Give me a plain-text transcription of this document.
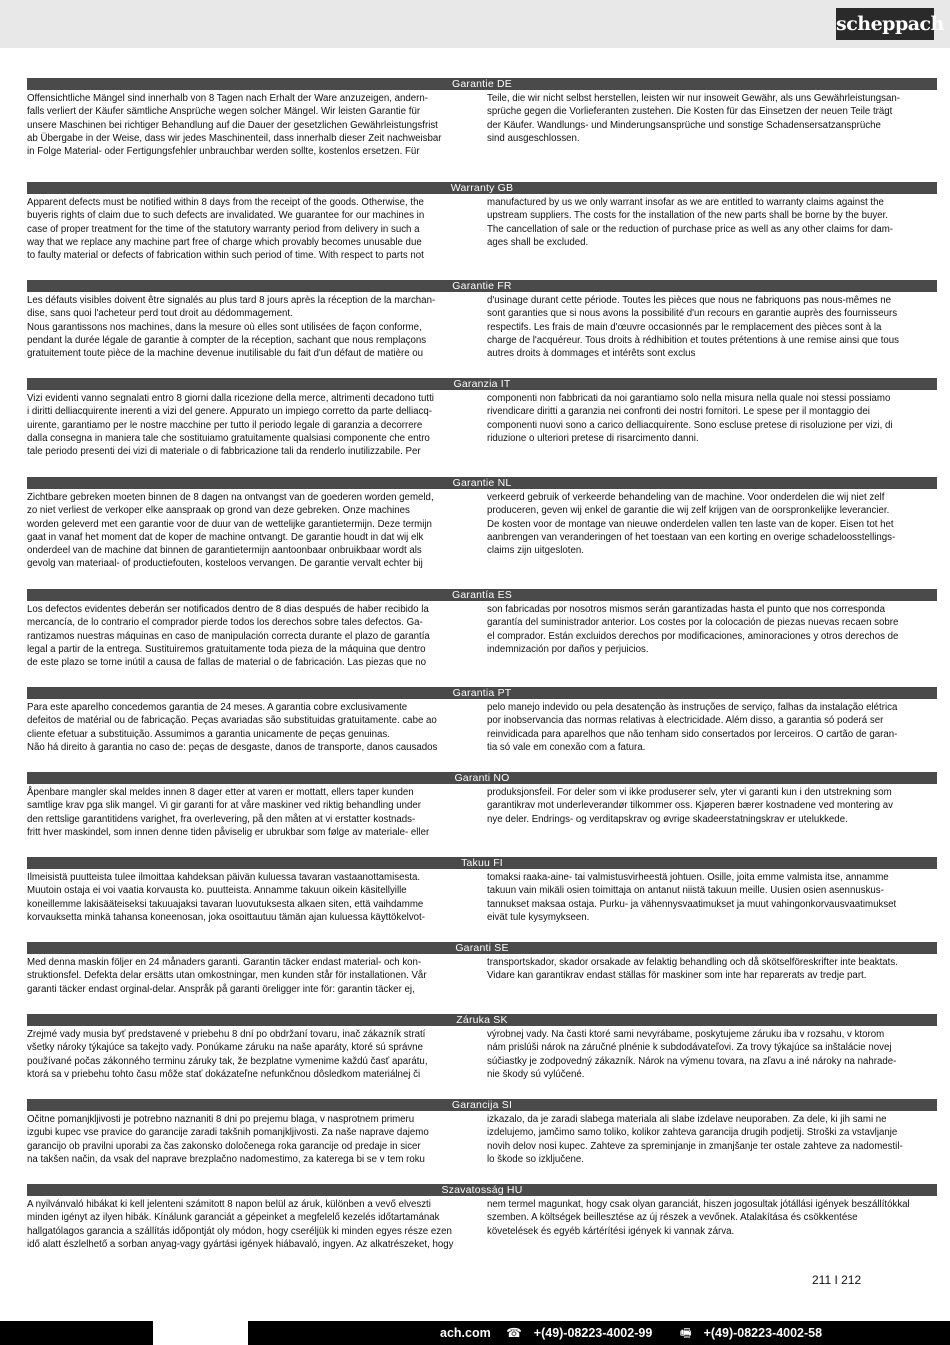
scheppach
Garantie DE
Offensichtliche Mängel sind innerhalb von 8 Tagen nach Erhalt der Ware anzuzeigen, andern-
falls verliert der Käufer sämtliche Ansprüche wegen solcher Mängel. Wir leisten Garantie für
unsere Maschinen bei richtiger Behandlung auf die Dauer der gesetzlichen Gewährleistungsfrist
ab Übergabe in der Weise, dass wir jedes Maschinenteil, dass innerhalb dieser Zeit nachweisbar
in Folge Material- oder Fertigungsfehler unbrauchbar werden sollte, kostenlos ersetzen. Für
Teile, die wir nicht selbst herstellen, leisten wir nur insoweit Gewähr, als uns Gewährleistungsan-
sprüche gegen die Vorlieferanten zustehen. Die Kosten für das Einsetzen der neuen Teile trägt
der Käufer. Wandlungs- und Minderungsansprüche und sonstige Schadensersatzansprüche
sind ausgeschlossen.
Warranty GB
Apparent defects must be notified within 8 days from the receipt of the goods. Otherwise, the
buyeris rights of claim due to such defects are invalidated. We guarantee for our machines in
case of proper treatment for the time of the statutory warranty period from delivery in such a
way that we replace any machine part free of charge which provably becomes unusable due
to faulty material or defects of fabrication within such period of time. With respect to parts not
manufactured by us we only warrant insofar as we are entitled to warranty claims against the
upstream suppliers. The costs for the installation of the new parts shall be borne by the buyer.
The cancellation of sale or the reduction of purchase price as well as any other claims for dam-
ages shall be excluded.
Garantie FR
Les défauts visibles doivent être signalés au plus tard 8 jours après la réception de la marchan-
dise, sans quoi l'acheteur perd tout droit au dédommagement.
Nous garantissons nos machines, dans la mesure où elles sont utilisées de façon conforme,
pendant la durée légale de garantie à compter de la réception, sachant que nous remplaçons
gratuitement toute pièce de la machine devenue inutilisable du fait d'un défaut de matière ou
d'usinage durant cette période. Toutes les pièces que nous ne fabriquons pas nous-mêmes ne
sont garanties que si nous avons la possibilité d'un recours en garantie auprès des fournisseurs
respectifs. Les frais de main d'œuvre occasionnés par le remplacement des pièces sont à la
charge de l'acquéreur. Tous droits à rédhibition et toutes prétentions à une remise ainsi que tous
autres droits à dommages et intérêts sont exclus
Garanzia IT
Vizi evidenti vanno segnalati entro 8 giorni dalla ricezione della merce, altrimenti decadono tutti
i diritti delliacquirente inerenti a vizi del genere. Appurato un impiego corretto da parte delliacq-
uirente, garantiamo per le nostre macchine per tutto il periodo legale di garanzia a decorrere
dalla consegna in maniera tale che sostituiamo gratuitamente qualsiasi componente che entro
tale periodo presenti dei vizi di materiale o di fabbricazione tali da renderlo inutilizzabile. Per
componenti non fabbricati da noi garantiamo solo nella misura nella quale noi stessi possiamo
rivendicare diritti a garanzia nei confronti dei nostri fornitori. Le spese per il montaggio dei
componenti nuovi sono a carico delliacquirente. Sono escluse pretese di risoluzione per vizi, di
riduzione o ulteriori pretese di risarcimento danni.
Garantie NL
Zichtbare gebreken moeten binnen de 8 dagen na ontvangst van de goederen worden gemeld,
zo niet verliest de verkoper elke aanspraak op grond van deze gebreken. Onze machines
worden geleverd met een garantie voor de duur van de wettelijke garantietermijn. Deze termijn
gaat in vanaf het moment dat de koper de machine ontvangt. De garantie houdt in dat wij elk
onderdeel van de machine dat binnen de garantietermijn aantoonbaar onbruikbaar wordt als
gevolg van materiaal- of productiefouten, kosteloos vervangen. De garantie vervalt echter bij
verkeerd gebruik of verkeerde behandeling van de machine. Voor onderdelen die wij niet zelf
produceren, geven wij enkel de garantie die wij zelf krijgen van de oorspronkelijke leverancier.
De kosten voor de montage van nieuwe onderdelen vallen ten laste van de koper. Eisen tot het
aanbrengen van veranderingen of het toestaan van een korting en overige schadeloosstellings-
claims zijn uitgesloten.
Garantía ES
Los defectos evidentes deberán ser notificados dentro de 8 dias después de haber recibido la
mercancía, de lo contrario el comprador pierde todos los derechos sobre tales defectos. Ga-
rantizamos nuestras máquinas en caso de manipulación correcta durante el plazo de garantía
legal a partir de la entrega. Sustituiremos gratuitamente toda pieza de la máquina que dentro
de este plazo se torne inútil a causa de fallas de material o de fabricación. Las piezas que no
son fabricadas por nosotros mismos serán garantizadas hasta el punto que nos corresponda
garantía del suministrador anterior. Los costes por la colocación de piezas nuevas recaen sobre
el comprador. Están excluidos derechos por modificaciones, aminoraciones y otros derechos de
indemnización por daños y perjuicios.
Garantia PT
Para este aparelho concedemos garantia de 24 meses. A garantia cobre exclusivamente
defeitos de matérial ou de fabricação. Peças avariadas são substituidas gratuitamente. cabe ao
cliente efetuar a substituição. Assumimos a garantia unicamente de peças genuinas.
Não há direito à garantia no caso de: peças de desgaste, danos de transporte, danos causados
pelo manejo indevido ou pela desatenção às instruções de serviço, falhas da instalação elétrica
por inobservancia das normas relativas à electricidade. Além disso, a garantia só poderá ser
reinvidicada para aparelhos que não tenham sido consertados por lerceiros. O cartão de garan-
tia só vale em conexão com a fatura.
Garanti NO
Åpenbare mangler skal meldes innen 8 dager etter at varen er mottatt, ellers taper kunden
samtlige krav pga slik mangel. Vi gir garanti for at våre maskiner ved riktig behandling under
den rettslige garantitidens varighet, fra overlevering, på den måten at vi erstatter kostnads-
fritt hver maskindel, som innen denne tiden påviselig er ubrukbar som følge av materiale- eller
produksjonsfeil. For deler som vi ikke produserer selv, yter vi garanti kun i den utstrekning som
garantikrav mot underleverandør tilkommer oss. Kjøperen bærer kostnadene ved montering av
nye deler. Endrings- og verditapskrav og øvrige skadeerstatningskrav er utelukkede.
Takuu FI
Ilmeisistä puutteista tulee ilmoittaa kahdeksan päivän kuluessa tavaran vastaanottamisesta.
Muutoin ostaja ei voi vaatia korvausta ko. puutteista. Annamme takuun oikein käsitellyille
koneillemme lakisääteiseksi takuuajaksi tavaran luovutuksesta alkaen siten, että vaihdamme
korvauksetta minkä tahansa koneenosan, joka osoittautuu tämän ajan kuluessa käyttökelvot-
tomaksi raaka-aine- tai valmistusvirheestä johtuen. Osille, joita emme valmista itse, annamme
takuun vain mikäli osien toimittaja on antanut niistä takuun meille. Uusien osien asennuskus-
tannukset maksaa ostaja. Purku- ja vähennysvaatimukset ja muut vahingonkorvausvaatimukset
eivät tule kysymykseen.
Garanti SE
Med denna maskin följer en 24 månaders garanti. Garantin täcker endast material- och kon-
struktionsfel. Defekta delar ersätts utan omkostningar, men kunden står för installationen. Vår
garanti täcker endast orginal-delar. Anspråk på garanti öreligger inte för: garantin täcker ej,
transportskador, skador orsakade av felaktig behandling och då skötselföreskrifter inte beaktats.
Vidare kan garantikrav endast ställas för maskiner som inte har reparerats av tredje part.
Záruka SK
Zrejmé vady musia byť predstavené v priebehu 8 dní po obdržaní tovaru, inač zákazník stratí
všetky nároky týkajúce sa takejto vady. Ponúkame záruku na naše aparáty, ktoré sú správne
používané počas zákonného terminu záruky tak, že bezplatne vymenime každú časť aparátu,
ktorá sa v priebehu tohto času môže stať dokázateľne nefunkčnou dôsledkom materiálnej či
výrobnej vady. Na časti ktoré sami nevyrábame, poskytujeme záruku iba v rozsahu, v ktorom
nám prislúši nárok na záručné plnénie k subdodávateľovi. Za trovy týkajúce sa inštalácie novej
súčiastky je zodpovedný zákazník. Nárok na výmenu tovara, na zľavu a iné nároky na nahrade-
nie škody sú vylúčené.
Garancija SI
Očitne pomanjkljivosti je potrebno naznaniti 8 dni po prejemu blaga, v nasprotnem primeru
izgubi kupec vse pravice do garancije zaradi takšnih pomanjkljivosti. Za naše naprave dajemo
garancijo ob pravilni uporabi za čas zakonsko določenega roka garancije od predaje in sicer
na takšen način, da vsak del naprave brezplačno nadomestimo, za katerega bi se v tem roku
izkazalo, da je zaradi slabega materiala ali slabe izdelave neuporaben. Za dele, ki jih sami ne
izdelujemo, jamčimo samo toliko, kolikor zahteva garancija drugih podjetij. Stroški za vstavljanje
novih delov nosi kupec. Zahteve za spreminjanje in zmanjšanje ter ostale zahteve za nadomestil-
lo škode so izključene.
Szavatosság HU
A nyilvánvaló hibákat ki kell jelenteni számitott 8 napon belül az áruk, különben a vevő elveszti
minden igényt az ilyen hibák. Kínálunk garanciát a gépeinket a megfelelő kezelés időtartamának
hallgatólagos garancia a szállítás időpontját oly módon, hogy cseréljük ki minden egyes része ezen
idő alatt észlelhető a sorban anyag-vagy gyártási igények hiábavaló, ingyen. Az alkatrészeket, hogy
nem termel magunkat, hogy csak olyan garanciát, hiszen jogosultak jótállási igények beszállítókkal
szemben. A költségek beillesztése az új részek a vevőnek. Atalakítása és csökkentése
követelések és egyéb kártérítési igények ki vannak zárva.
211 I 212
ach.com ☎ +(49)-08223-4002-99 🖷 +(49)-08223-4002-58
